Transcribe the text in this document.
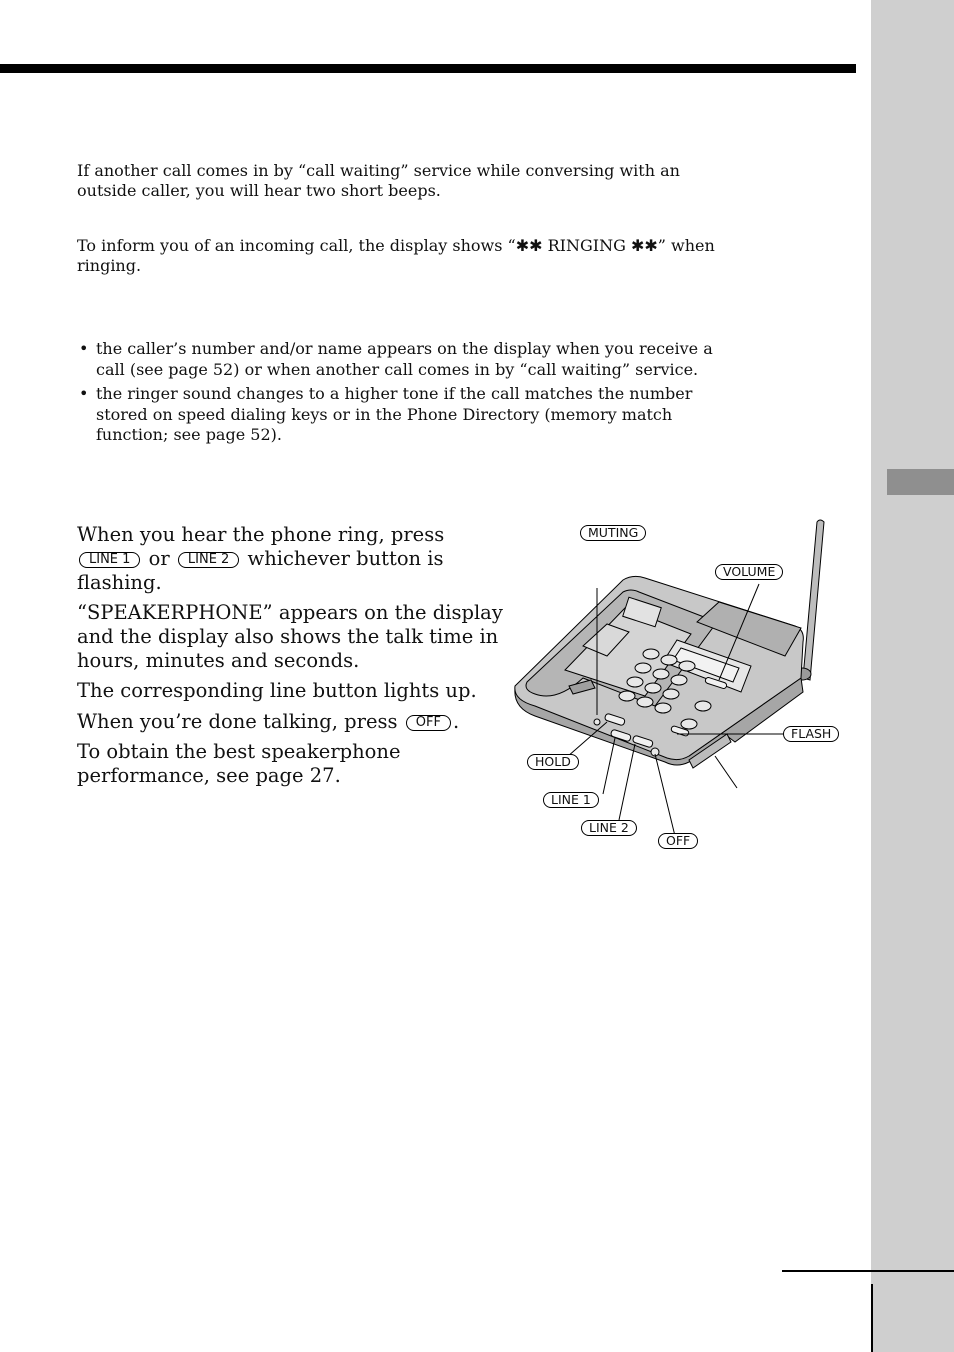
If another call comes in by “call waiting” service while conversing with an outside caller, you will hear two short beeps.
To inform you of an incoming call, the display shows “✱✱ RINGING ✱✱” when ringing.
• the caller’s number and/or name appears on the display when you receive a call (see page 52) or when another call comes in by “call waiting” service.
• the ringer sound changes to a higher tone if the call matches the number stored on speed dialing keys or in the Phone Directory (memory match function; see page 52).

When you hear the phone ring, press
LINE 1 or LINE 2 whichever button is flashing.

“SPEAKERPHONE” appears on the display and the display also shows the talk time in hours, minutes and seconds.
The corresponding line button lights up.
When you’re done talking, press OFF .
To obtain the best speakerphone performance, see page 27.
MUTING
VOLUME
FLASH
HOLD
LINE 1
LINE 2
OFF
